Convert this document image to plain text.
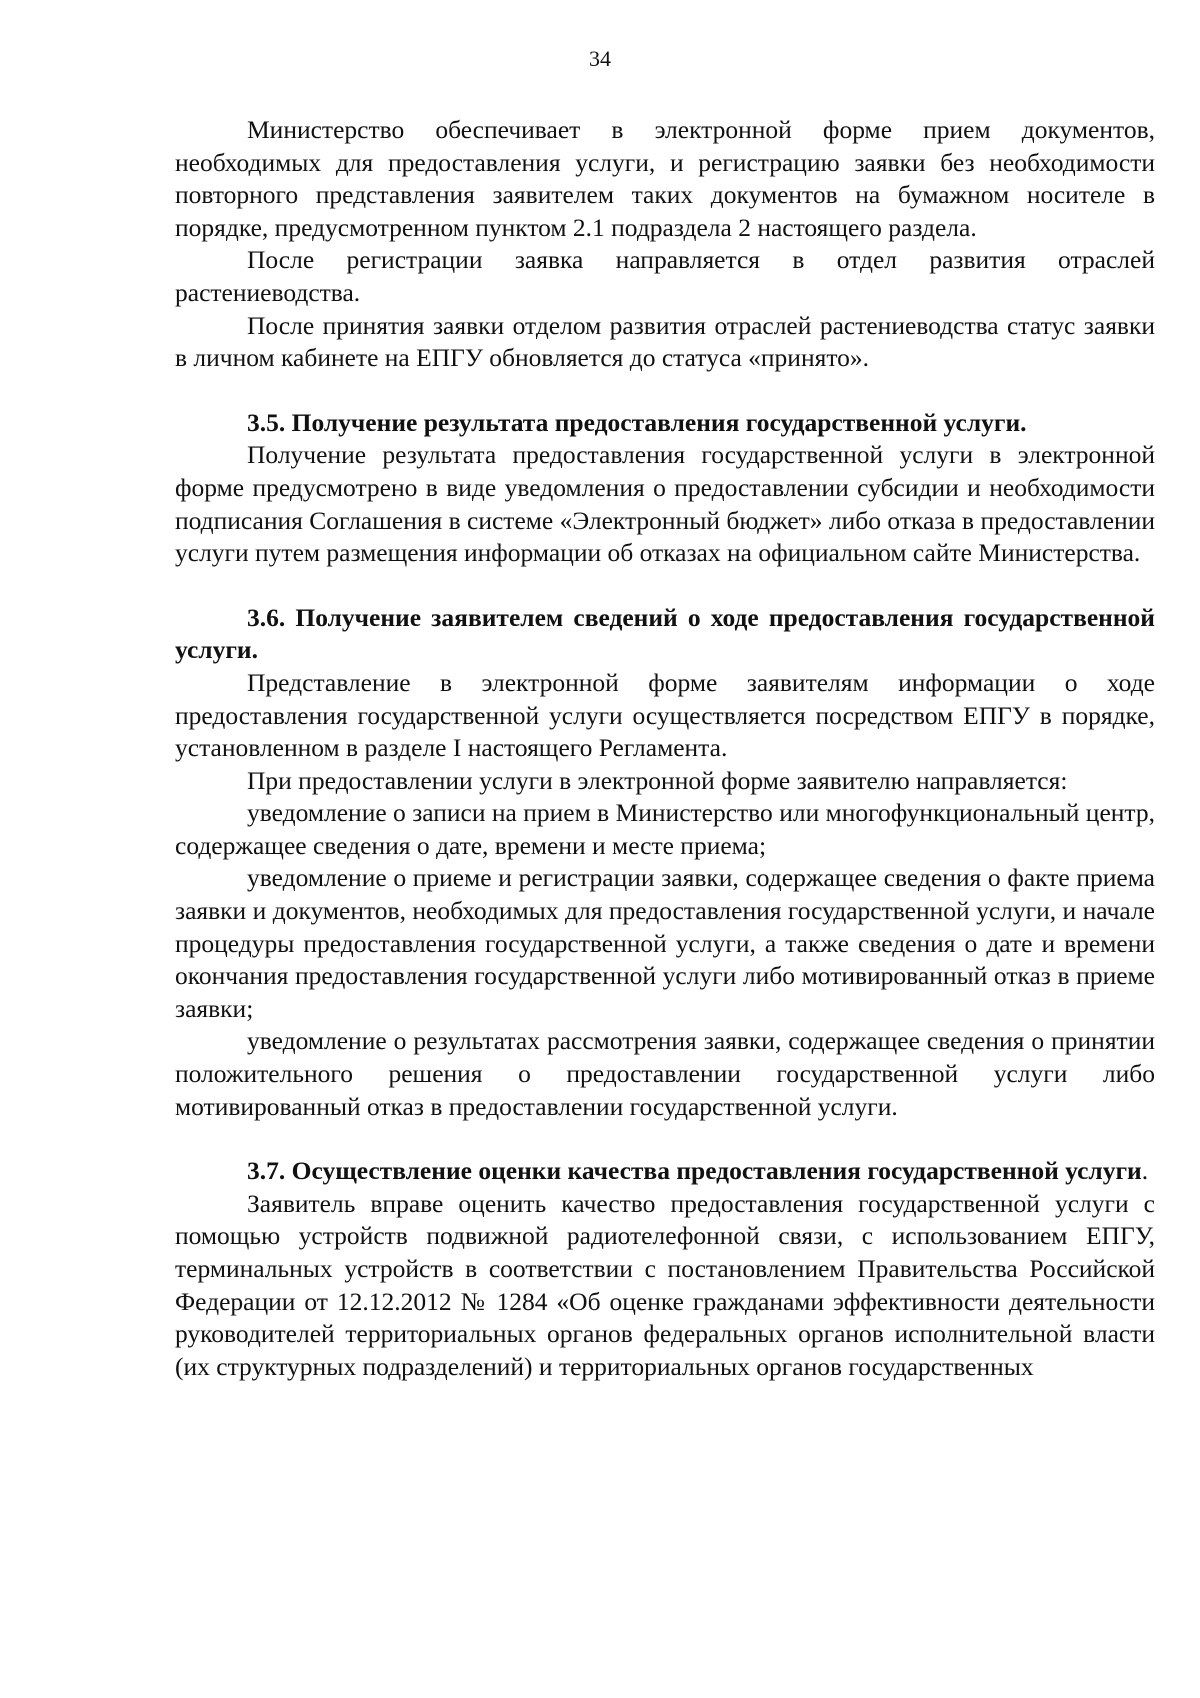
34

Министерство обеспечивает в электронной форме прием документов, необходимых для предоставления услуги, и регистрацию заявки без необходимости повторного представления заявителем таких документов на бумажном носителе в порядке, предусмотренном пунктом 2.1 подраздела 2 настоящего раздела.

После регистрации заявка направляется в отдел развития отраслей растениеводства.

После принятия заявки отделом развития отраслей растениеводства статус заявки в личном кабинете на ЕПГУ обновляется до статуса «принято».

3.5. Получение результата предоставления государственной услуги.

Получение результата предоставления государственной услуги в электронной форме предусмотрено в виде уведомления о предоставлении субсидии и необходимости подписания Соглашения в системе «Электронный бюджет» либо отказа в предоставлении услуги путем размещения информации об отказах на официальном сайте Министерства.

3.6. Получение заявителем сведений о ходе предоставления государственной услуги.

Представление в электронной форме заявителям информации о ходе предоставления государственной услуги осуществляется посредством ЕПГУ в порядке, установленном в разделе I настоящего Регламента.

При предоставлении услуги в электронной форме заявителю направляется:

уведомление о записи на прием в Министерство или многофункциональный центр, содержащее сведения о дате, времени и месте приема;

уведомление о приеме и регистрации заявки, содержащее сведения о факте приема заявки и документов, необходимых для предоставления государственной услуги, и начале процедуры предоставления государственной услуги, а также сведения о дате и времени окончания предоставления государственной услуги либо мотивированный отказ в приеме заявки;

уведомление о результатах рассмотрения заявки, содержащее сведения о принятии положительного решения о предоставлении государственной услуги либо мотивированный отказ в предоставлении государственной услуги.

3.7. Осуществление оценки качества предоставления государственной услуги.

Заявитель вправе оценить качество предоставления государственной услуги с помощью устройств подвижной радиотелефонной связи, с использованием ЕПГУ, терминальных устройств в соответствии с постановлением Правительства Российской Федерации от 12.12.2012 № 1284 «Об оценке гражданами эффективности деятельности руководителей территориальных органов федеральных органов исполнительной власти (их структурных подразделений) и территориальных органов государственных
